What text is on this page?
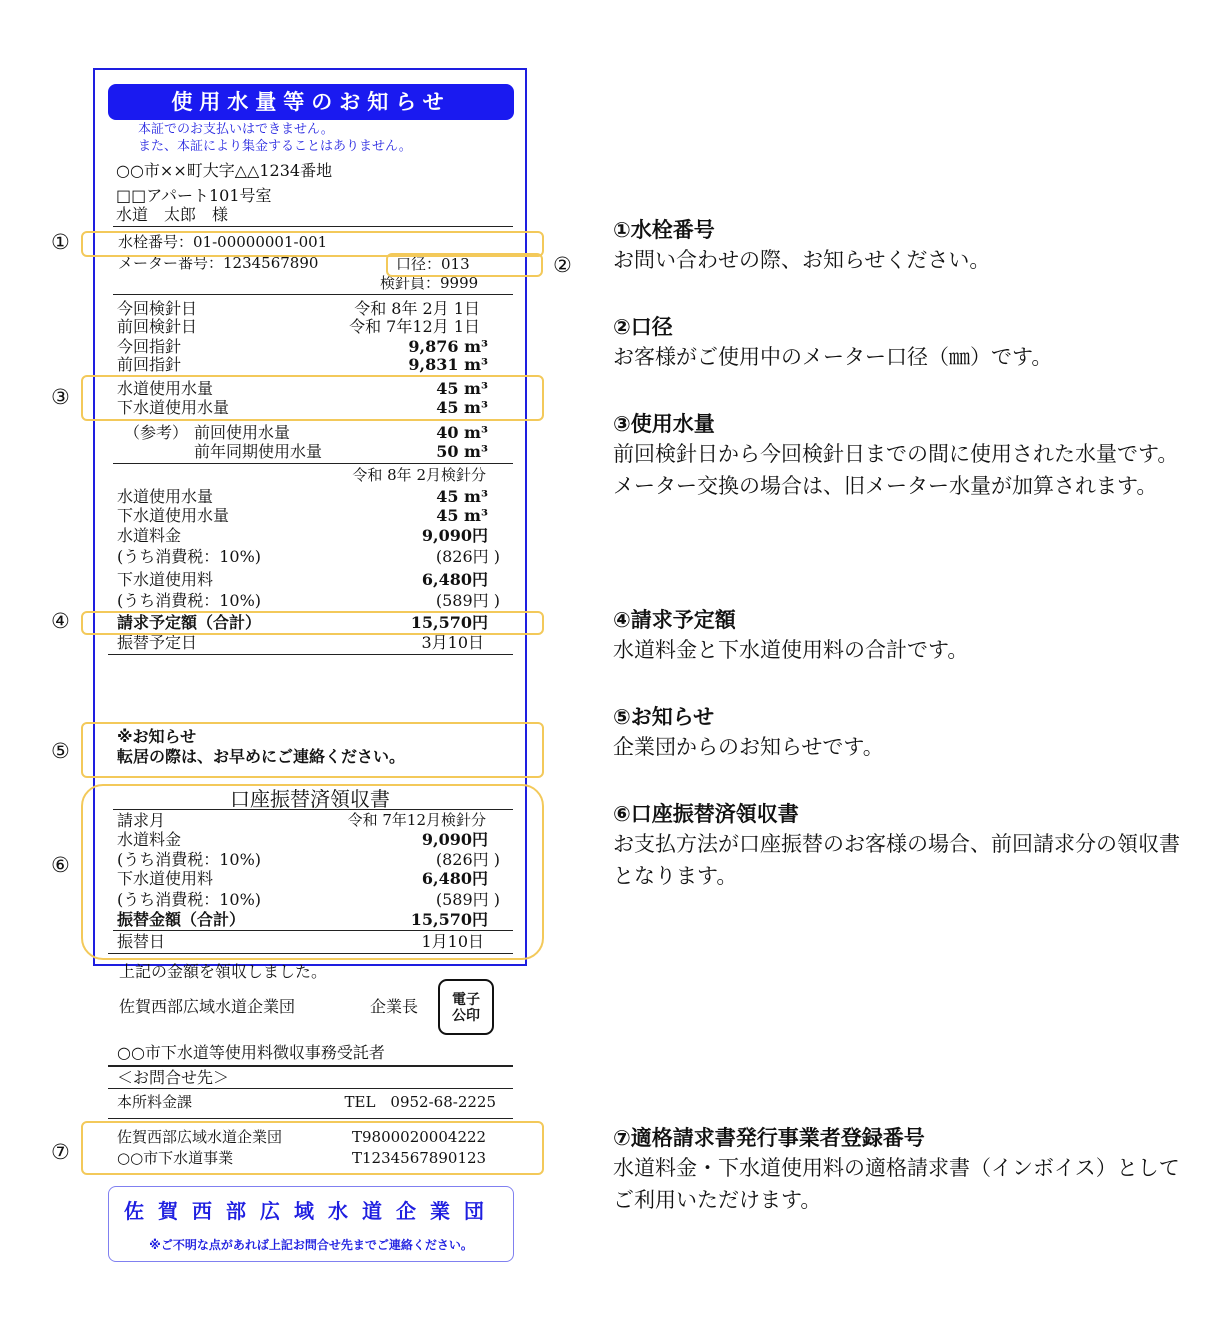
使用水量等のお知らせ
本証でのお支払いはできません。
また、本証により集金することはありません。
○○市××町大字△△1234番地
□□アパート101号室
水道　太郎　様
水栓番号：01-00000001-001
メーター番号：1234567890	口径：013
検針員：9999
今回検針日	令和 8年 2月 1日
前回検針日	令和 7年12月 1日
今回指針	9,876 m³
前回指針	9,831 m³
水道使用水量	45 m³
下水道使用水量	45 m³
（参考） 前回使用水量	40 m³
前年同期使用水量	50 m³
令和 8年 2月検針分
水道使用水量	45 m³
下水道使用水量	45 m³
水道料金	9,090円
(うち消費税：10%)	(826円 )
下水道使用料	6,480円
(うち消費税：10%)	(589円 )
請求予定額（合計）	15,570円
振替予定日	3月10日
※お知らせ
転居の際は、お早めにご連絡ください。
口座振替済領収書
請求月	令和 7年12月検針分
水道料金	9,090円
(うち消費税：10%)	(826円 )
下水道使用料	6,480円
(うち消費税：10%)	(589円 )
振替金額（合計）	15,570円
振替日	1月10日
上記の金額を領収しました。
佐賀西部広域水道企業団	企業長	電子
公印
○○市下水道等使用料徴収事務受託者
＜お問合せ先＞
本所料金課	TEL　0952-68-2225
佐賀西部広域水道企業団	T9800020004222
○○市下水道事業	T1234567890123
佐賀西部広域水道企業団
※ご不明な点があれば上記お問合せ先までご連絡ください。
①
②
③
④
⑤
⑥
⑦
①水栓番号
お問い合わせの際、お知らせください。
②口径
お客様がご使用中のメーター口径（㎜）です。
③使用水量
前回検針日から今回検針日までの間に使用された水量です。メーター交換の場合は、旧メーター水量が加算されます。
④請求予定額
水道料金と下水道使用料の合計です。
⑤お知らせ
企業団からのお知らせです。
⑥口座振替済領収書
お支払方法が口座振替のお客様の場合、前回請求分の領収書となります。
⑦適格請求書発行事業者登録番号
水道料金・下水道使用料の適格請求書（インボイス）としてご利用いただけます。
